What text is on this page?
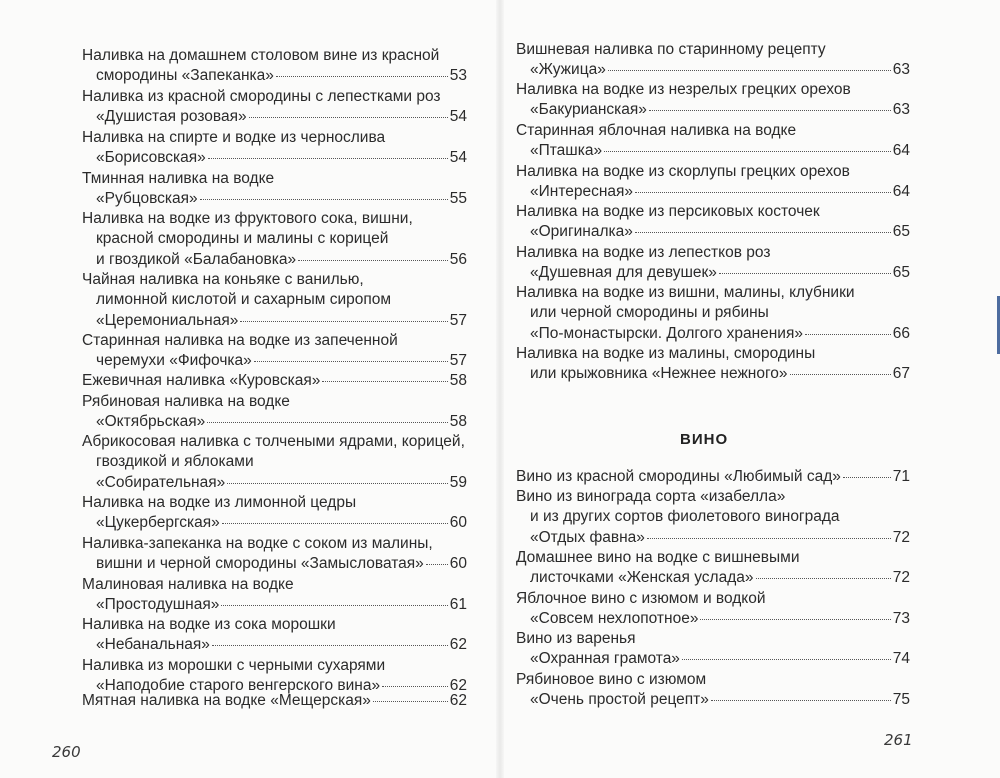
Наливка на домашнем столовом вине из красной
смородины «Запеканка»	53
Наливка из красной смородины с лепестками роз
«Душистая розовая»	54
Наливка на спирте и водке из чернослива
«Борисовская»	54
Тминная наливка на водке
«Рубцовская»	55
Наливка на водке из фруктового сока, вишни,
красной смородины и малины с корицей
и гвоздикой «Балабановка»	56
Чайная наливка на коньяке с ванилью,
лимонной кислотой и сахарным сиропом
«Церемониальная»	57
Старинная наливка на водке из запеченной
черемухи «Фифочка»	57
Ежевичная наливка «Куровская»	58
Рябиновая наливка на водке
«Октябрьская»	58
Абрикосовая наливка с толчеными ядрами, корицей,
гвоздикой и яблоками
«Собирательная»	59
Наливка на водке из лимонной цедры
«Цукербергская»	60
Наливка-запеканка на водке с соком из малины,
вишни и черной смородины «Замысловатая» 60
Малиновая наливка на водке
«Простодушная»	61
Наливка на водке из сока морошки
«Небанальная»	62
Наливка из морошки с черными сухарями
«Наподобие старого венгерского вина»	62
Мятная наливка на водке «Мещерская»	62
ВИНО
Вишневая наливка по старинному рецепту
«Жужица»	63
Наливка на водке из незрелых грецких орехов
«Бакурианская»	63
Старинная яблочная наливка на водке
«Пташка»	64
Наливка на водке из скорлупы грецких орехов
«Интересная»	64
Наливка на водке из персиковых косточек
«Оригиналка»	65
Наливка на водке из лепестков роз
«Душевная для девушек»	65
Наливка на водке из вишни, малины, клубники
или черной смородины и рябины
«По-монастырски. Долгого хранения»	66
Наливка на водке из малины, смородины
или крыжовника «Нежнее нежного»	67
Вино из красной смородины «Любимый сад»	71
Вино из винограда сорта «изабелла»
и из других сортов фиолетового винограда
«Отдых фавна»	72
Домашнее вино на водке с вишневыми
листочками «Женская услада»	72
Яблочное вино с изюмом и водкой
«Совсем нехлопотное»	73
Вино из варенья
«Охранная грамота»	74
Рябиновое вино с изюмом
«Очень простой рецепт»	75
260
261
